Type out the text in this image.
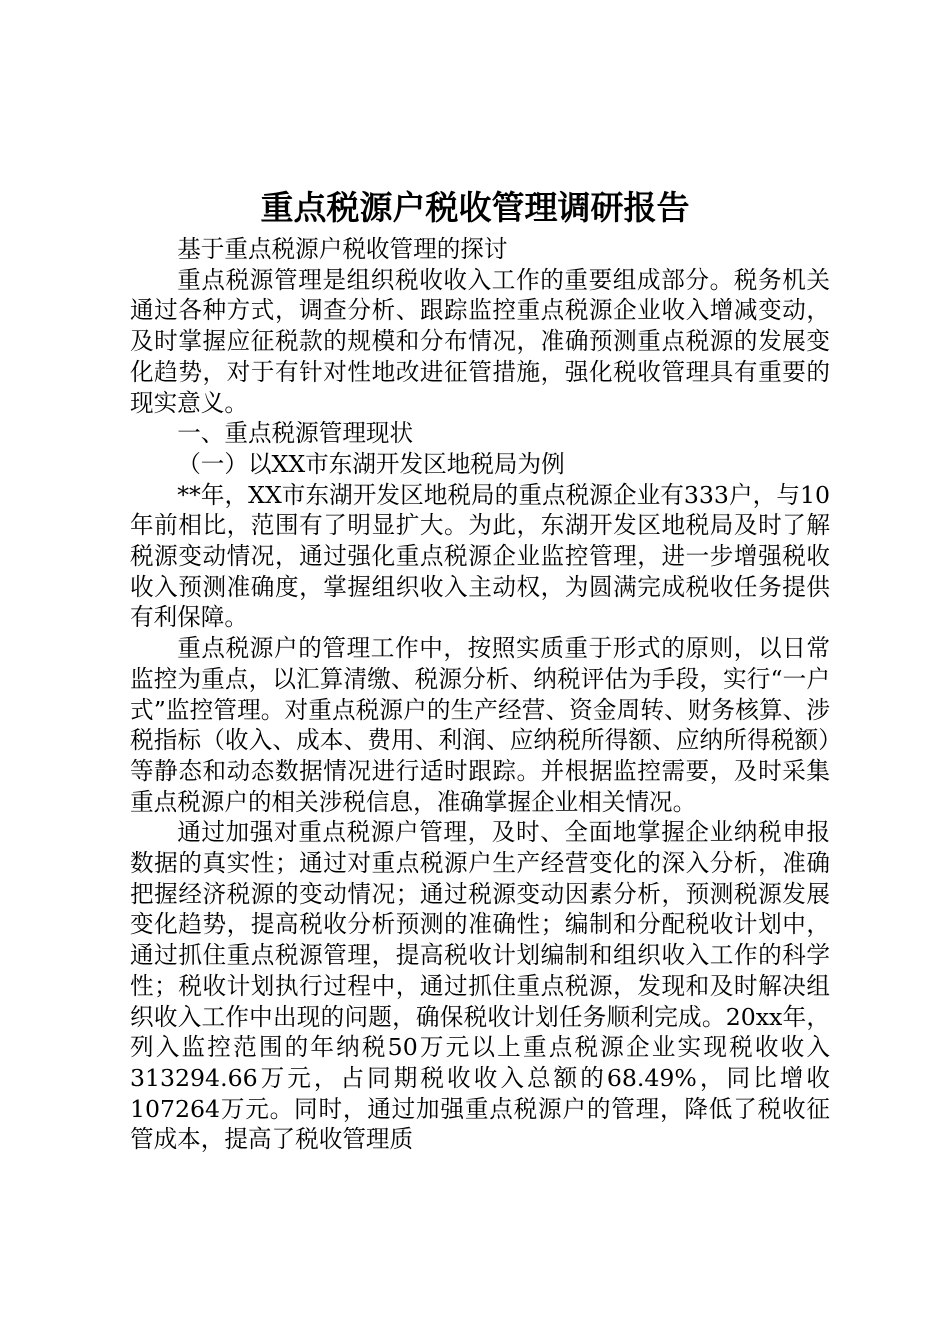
重点税源户税收管理调研报告

基于重点税源户税收管理的探讨

重点税源管理是组织税收收入工作的重要组成部分。税务机关通过各种方式，调查分析、跟踪监控重点税源企业收入增减变动，及时掌握应征税款的规模和分布情况，准确预测重点税源的发展变化趋势，对于有针对性地改进征管措施，强化税收管理具有重要的现实意义。

一、重点税源管理现状

（一）以XX市东湖开发区地税局为例

**年，XX市东湖开发区地税局的重点税源企业有333户，与10年前相比，范围有了明显扩大。为此，东湖开发区地税局及时了解税源变动情况，通过强化重点税源企业监控管理，进一步增强税收收入预测准确度，掌握组织收入主动权，为圆满完成税收任务提供有利保障。

重点税源户的管理工作中，按照实质重于形式的原则，以日常监控为重点，以汇算清缴、税源分析、纳税评估为手段，实行“一户式”监控管理。对重点税源户的生产经营、资金周转、财务核算、涉税指标（收入、成本、费用、利润、应纳税所得额、应纳所得税额）等静态和动态数据情况进行适时跟踪。并根据监控需要，及时采集重点税源户的相关涉税信息，准确掌握企业相关情况。

通过加强对重点税源户管理，及时、全面地掌握企业纳税申报数据的真实性；通过对重点税源户生产经营变化的深入分析，准确把握经济税源的变动情况；通过税源变动因素分析，预测税源发展变化趋势，提高税收分析预测的准确性；编制和分配税收计划中，通过抓住重点税源管理，提高税收计划编制和组织收入工作的科学性；税收计划执行过程中，通过抓住重点税源，发现和及时解决组织收入工作中出现的问题，确保税收计划任务顺利完成。20xx年，列入监控范围的年纳税50万元以上重点税源企业实现税收收入313294.66万元，占同期税收收入总额的68.49%，同比增收107264万元。同时，通过加强重点税源户的管理，降低了税收征管成本，提高了税收管理质
